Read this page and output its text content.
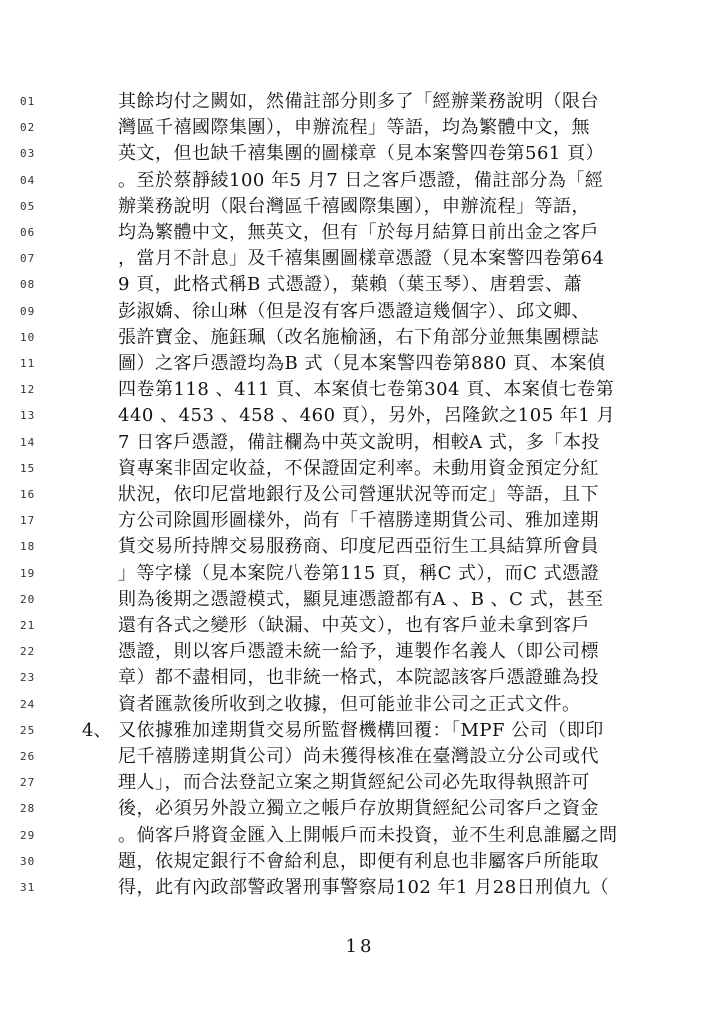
01	其餘均付之闕如，然備註部分則多了「經辦業務說明（限台
02	灣區千禧國際集團），申辦流程」等語，均為繁體中文，無
03	英文，但也缺千禧集團的圖樣章（見本案警四卷第561 頁）
04	。至於蔡靜綾100 年5 月7 日之客戶憑證，備註部分為「經
05	辦業務說明（限台灣區千禧國際集團），申辦流程」等語，
06	均為繁體中文，無英文，但有「於每月結算日前出金之客戶
07	，當月不計息」及千禧集團圖樣章憑證（見本案警四卷第64
08	9 頁，此格式稱B 式憑證），葉賴（葉玉琴）、唐碧雲、蕭
09	彭淑嬌、徐山琳（但是沒有客戶憑證這幾個字）、邱文卿、
10	張許寶金、施鈺珮（改名施榆涵，右下角部分並無集團標誌
11	圖）之客戶憑證均為B 式（見本案警四卷第880 頁、本案偵
12	四卷第118 、411 頁、本案偵七卷第304 頁、本案偵七卷第
13	440 、453 、458 、460 頁），另外，呂隆欽之105 年1 月
14	7 日客戶憑證，備註欄為中英文說明，相較A 式，多「本投
15	資專案非固定收益，不保證固定利率。未動用資金預定分紅
16	狀況，依印尼當地銀行及公司營運狀況等而定」等語，且下
17	方公司除圓形圖樣外，尚有「千禧勝達期貨公司、雅加達期
18	貨交易所持牌交易服務商、印度尼西亞衍生工具結算所會員
19	」等字樣（見本案院八卷第115 頁，稱C 式），而C 式憑證
20	則為後期之憑證模式，顯見連憑證都有A 、B 、C 式，甚至
21	還有各式之變形（缺漏、中英文），也有客戶並未拿到客戶
22	憑證，則以客戶憑證未統一給予，連製作名義人（即公司標
23	章）都不盡相同，也非統一格式，本院認該客戶憑證雖為投
24	資者匯款後所收到之收據，但可能並非公司之正式文件。
25	4、 又依據雅加達期貨交易所監督機構回覆：「MPF 公司（即印
26	尼千禧勝達期貨公司）尚未獲得核准在臺灣設立分公司或代
27	理人」，而合法登記立案之期貨經紀公司必先取得執照許可
28	後，必須另外設立獨立之帳戶存放期貨經紀公司客戶之資金
29	。倘客戶將資金匯入上開帳戶而未投資，並不生利息誰屬之問
30	題，依規定銀行不會給利息，即便有利息也非屬客戶所能取
31	得，此有內政部警政署刑事警察局102 年1 月28日刑偵九（
18
